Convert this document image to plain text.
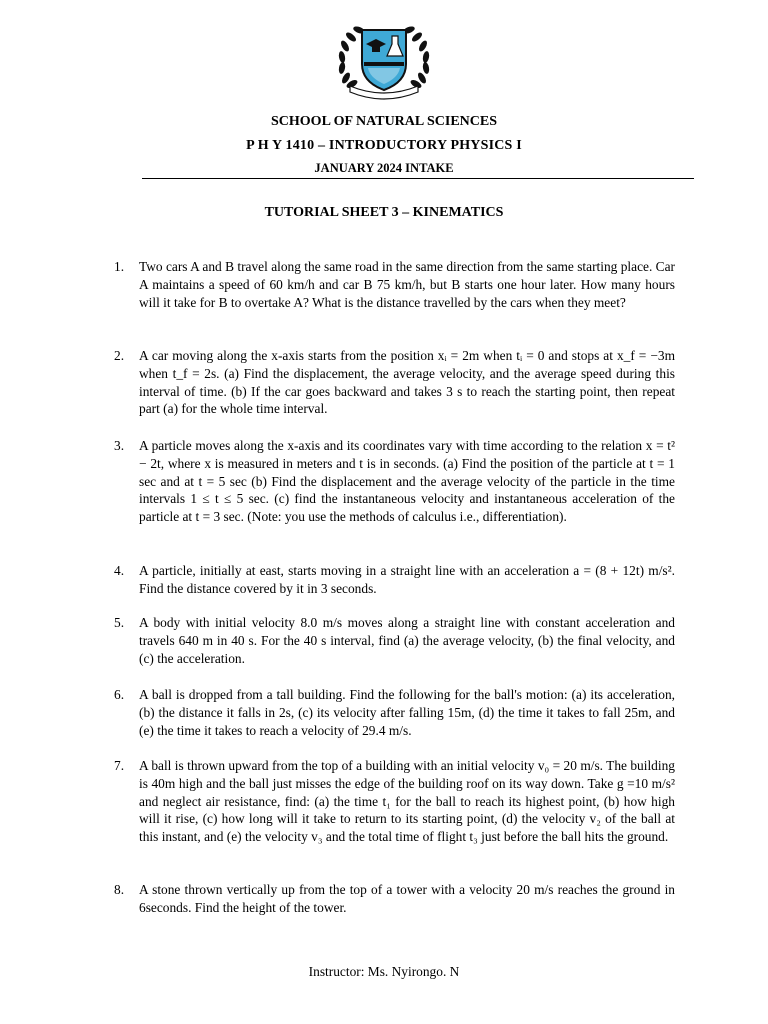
SCHOOL OF NATURAL SCIENCES
P H Y 1410 – INTRODUCTORY PHYSICS I
JANUARY 2024 INTAKE
TUTORIAL SHEET 3 – KINEMATICS
1. Two cars A and B travel along the same road in the same direction from the same starting place. Car A maintains a speed of 60 km/h and car B 75 km/h, but B starts one hour later. How many hours will it take for B to overtake A? What is the distance travelled by the cars when they meet?
2. A car moving along the x-axis starts from the position xᵢ = 2m when tᵢ = 0 and stops at x_f = −3m when t_f = 2s. (a) Find the displacement, the average velocity, and the average speed during this interval of time. (b) If the car goes backward and takes 3 s to reach the starting point, then repeat part (a) for the whole time interval.
3. A particle moves along the x-axis and its coordinates vary with time according to the relation x = t² − 2t, where x is measured in meters and t is in seconds. (a) Find the position of the particle at t = 1 sec and at t = 5 sec (b) Find the displacement and the average velocity of the particle in the time intervals 1 ≤ t ≤ 5 sec. (c) find the instantaneous velocity and instantaneous acceleration of the particle at t = 3 sec. (Note: you use the methods of calculus i.e., differentiation).
4. A particle, initially at east, starts moving in a straight line with an acceleration a = (8 + 12t) m/s². Find the distance covered by it in 3 seconds.
5. A body with initial velocity 8.0 m/s moves along a straight line with constant acceleration and travels 640 m in 40 s. For the 40 s interval, find (a) the average velocity, (b) the final velocity, and (c) the acceleration.
6. A ball is dropped from a tall building. Find the following for the ball's motion: (a) its acceleration, (b) the distance it falls in 2s, (c) its velocity after falling 15m, (d) the time it takes to fall 25m, and (e) the time it takes to reach a velocity of 29.4 m/s.
7. A ball is thrown upward from the top of a building with an initial velocity v₀ = 20 m/s. The building is 40m high and the ball just misses the edge of the building roof on its way down. Take g =10 m/s² and neglect air resistance, find: (a) the time t₁ for the ball to reach its highest point, (b) how high will it rise, (c) how long will it take to return to its starting point, (d) the velocity v₂ of the ball at this instant, and (e) the velocity v₃ and the total time of flight t₃ just before the ball hits the ground.
8. A stone thrown vertically up from the top of a tower with a velocity 20 m/s reaches the ground in 6seconds. Find the height of the tower.
Instructor: Ms. Nyirongo. N
